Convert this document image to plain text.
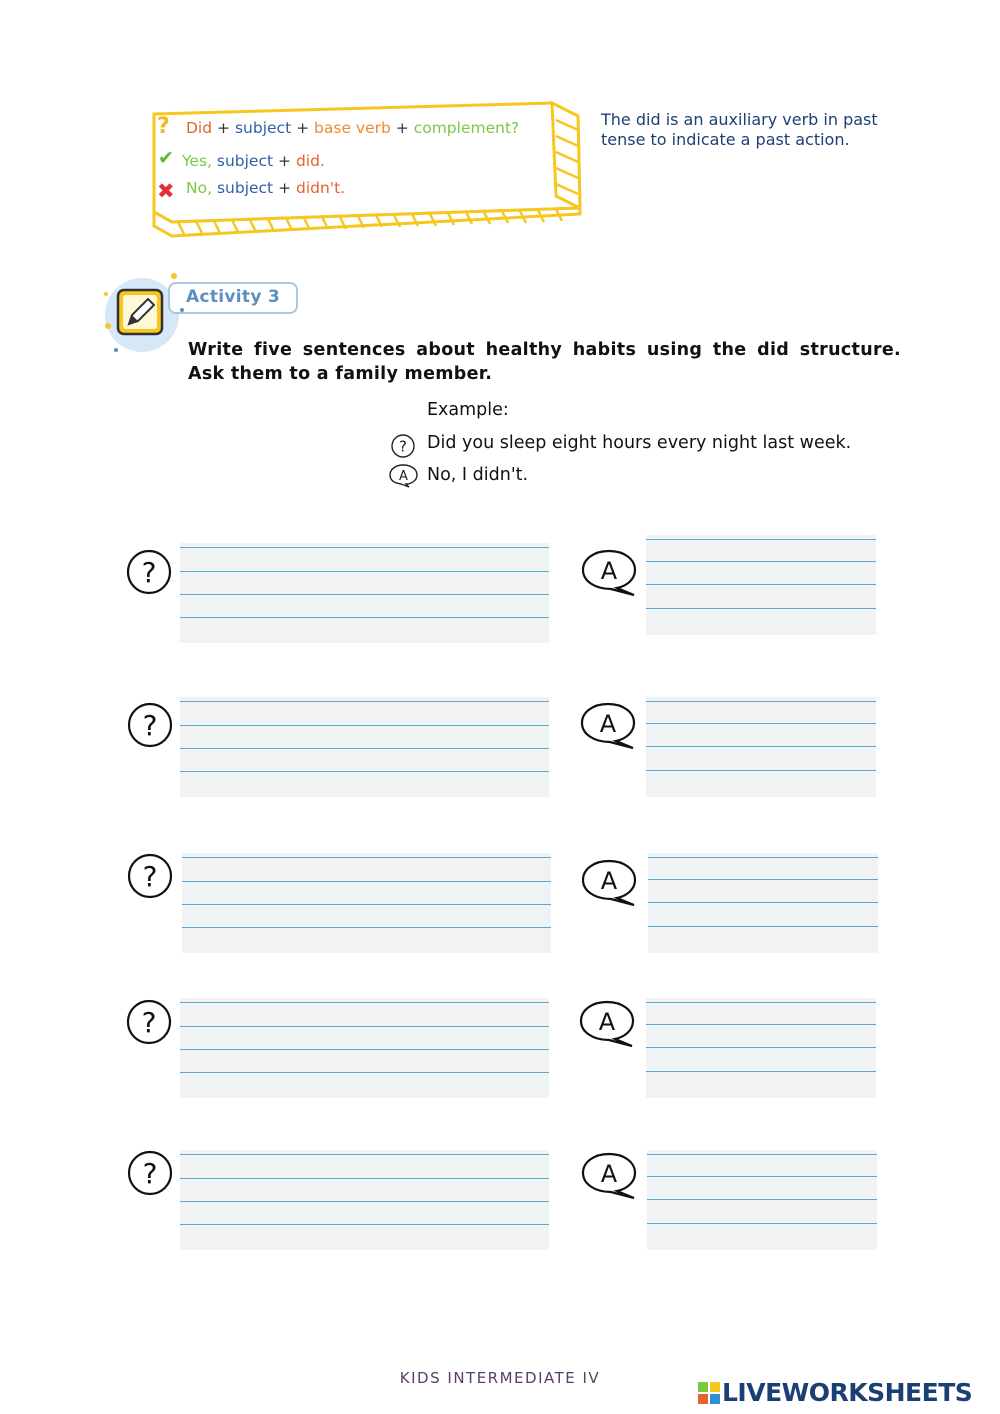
?
✔
✖
Did + subject + base verb + complement?
Yes, subject + did.
No, subject + didn't.
The did is an auxiliary verb in past tense to indicate a past action.
Activity 3
Write five sentences about healthy habits using the did structure. Ask them to a family member.
Example:
? Did you sleep eight hours every night last week.
A No, I didn't.
?	A
?	A
?	A
?	A
?	A
KIDS INTERMEDIATE IV	LIVEWORKSHEETS
